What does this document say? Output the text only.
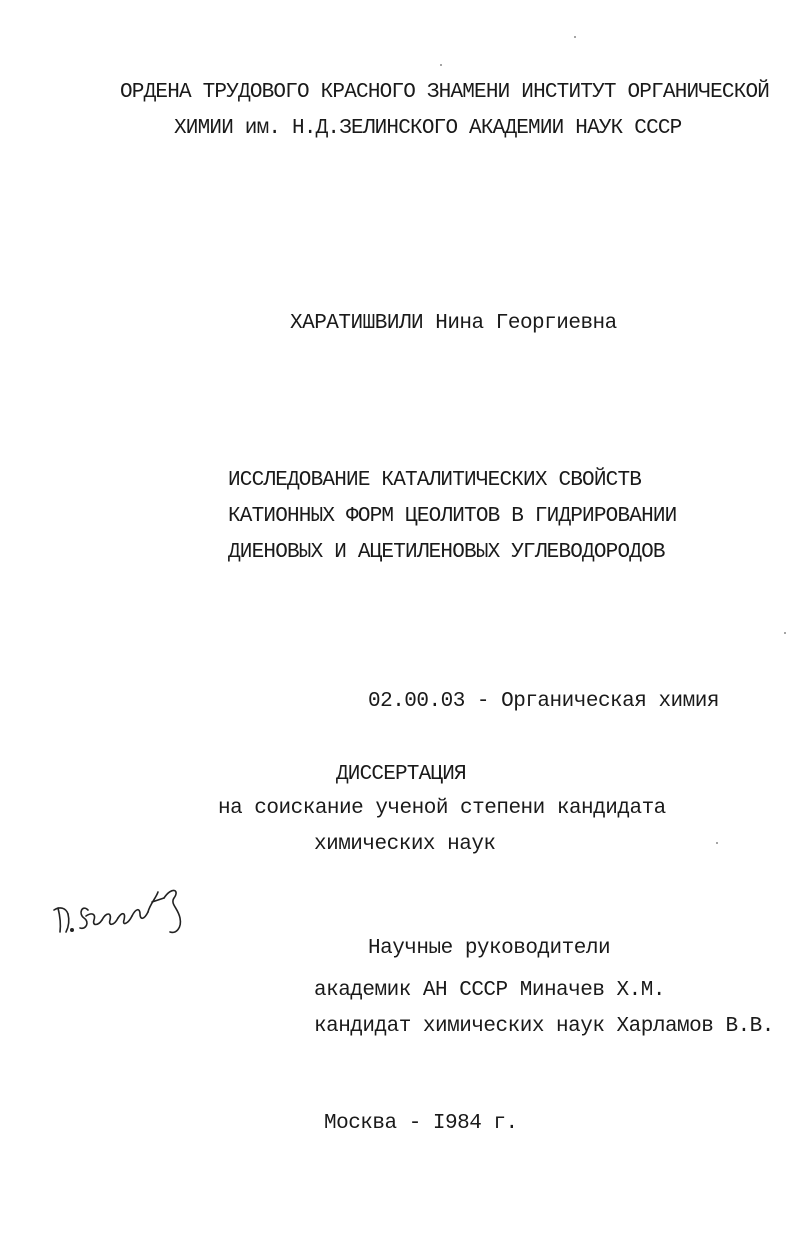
ОРДЕНА ТРУДОВОГО КРАСНОГО ЗНАМЕНИ ИНСТИТУТ ОРГАНИЧЕСКОЙ
ХИМИИ им. Н.Д.ЗЕЛИНСКОГО АКАДЕМИИ НАУК СССР
ХАРАТИШВИЛИ Нина Георгиевна
ИССЛЕДОВАНИЕ КАТАЛИТИЧЕСКИХ СВОЙСТВ
КАТИОННЫХ ФОРМ ЦЕОЛИТОВ В ГИДРИРОВАНИИ
ДИЕНОВЫХ И АЦЕТИЛЕНОВЫХ УГЛЕВОДОРОДОВ
02.00.03 - Органическая химия
ДИССЕРТАЦИЯ
на соискание ученой степени кандидата
химических наук
Научные руководители
академик АН СССР Миначев Х.М.
кандидат химических наук Харламов В.В.
Москва - I984 г.
